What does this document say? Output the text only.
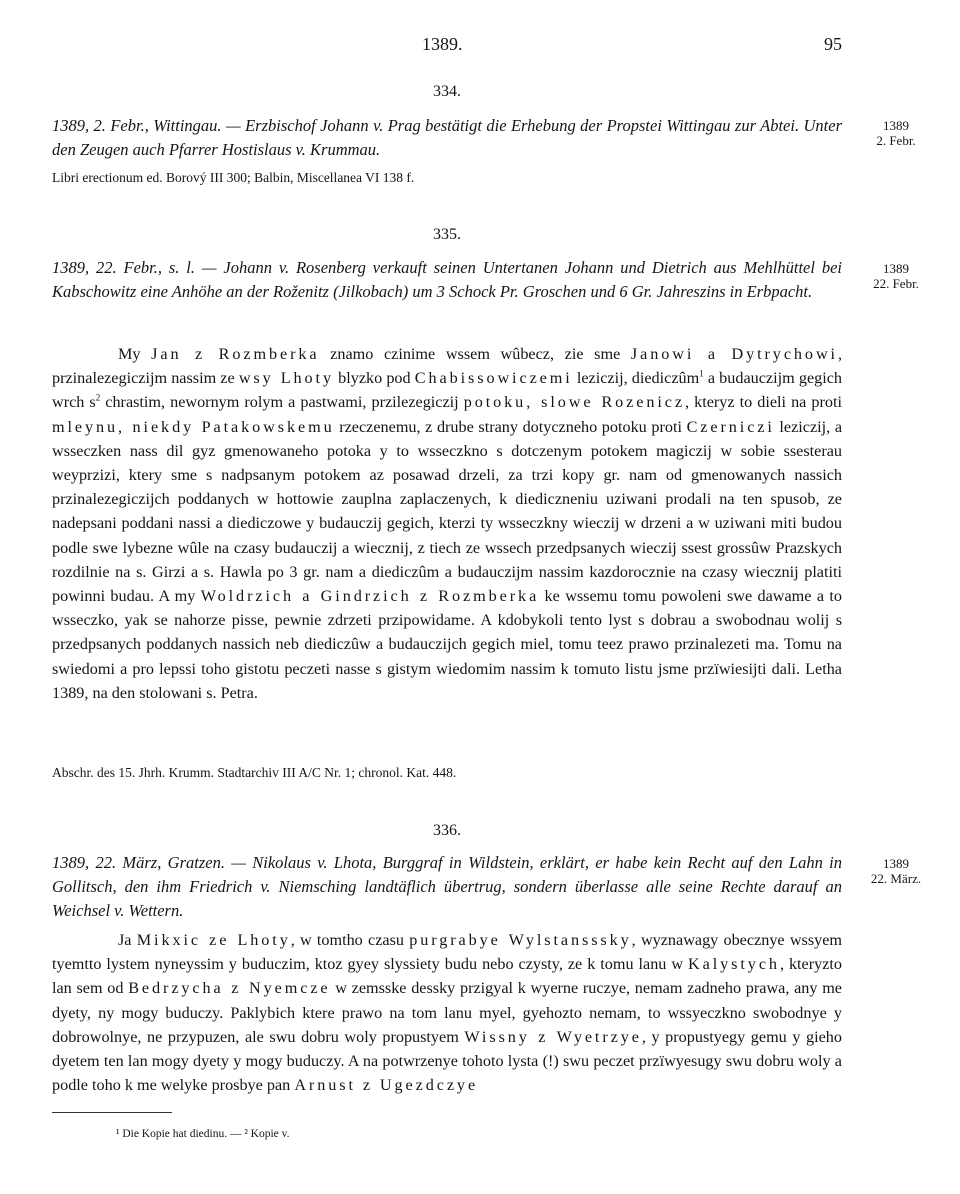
1389.	95
334.
1389, 2. Febr., Wittingau. — Erzbischof Johann v. Prag bestätigt die Erhebung der Propstei Wittingau zur Abtei. Unter den Zeugen auch Pfarrer Hostislaus v. Krummau.
1389
2. Febr.
Libri erectionum ed. Borový III 300; Balbin, Miscellanea VI 138 f.
335.
1389, 22. Febr., s. l. — Johann v. Rosenberg verkauft seinen Untertanen Johann und Dietrich aus Mehlhüttel bei Kabschowitz eine Anhöhe an der Roženitz (Jilkobach) um 3 Schock Pr. Groschen und 6 Gr. Jahreszins in Erbpacht.
1389
22. Febr.

My Jan z Rozmberka znamo czinime wssem wûbecz, zie sme Janowi a Dytrychowi, przinalezegiczijm nassim ze wsy Lhoty blyzko pod Chabissowiczemi leziczij, diediczûm$^1$ a budauczijm gegich wrch $s^2$ chrastim, newornym rolym a pastwami, przilezegiczij potoku, slowe Rozenicz, kteryz to dieli na proti mleynu, niekdy Patakowskemu rzeczenemu, z drube strany dotyczneho potoku proti Czerniczi leziczij, a wsseczken nass dil gyz gmenowaneho potoka y to wsseczkno s dotczenym potokem magiczij w sobie ssesterau weyprzizi, ktery sme s nadpsanym potokem az posawad drzeli, za trzi kopy gr. nam od gmenowanych nassich przinalezegiczijch poddanych w hottowie zauplna zaplaczenych, k diediczneniu uziwani prodali na ten spusob, ze nadepsani poddani nassi a diediczowe y budauczij gegich, kterzi ty wsseczkny wieczij w drzeni a w uziwani miti budou podle swe lybezne wûle na czasy budauczij a wiecznij, z tiech ze wssech przedpsanych wieczij ssest grossûw Prazskych rozdilnie na s. Girzi a s. Hawla po 3 gr. nam a diediczûm a budauczijm nassim kazdorocznie na czasy wiecznij platiti powinni budau. A my Woldrzich a Gindrzich z Rozmberka ke wssemu tomu powoleni swe dawame a to wsseczko, yak se nahorze pisse, pewnie zdrzeti przipowidame. A kdobykoli tento lyst s dobrau a swobodnau wolij s przedpsanych poddanych nassich neb diediczûw a budauczijch gegich miel, tomu teez prawo przinalezeti ma. Tomu na swiedomi a pro lepssi toho gistotu peczeti nasse s gistym wiedomim nassim k tomuto listu jsme przïwiesijti dali. Letha 1389, na den stolowani s. Petra.

Abschr. des 15. Jhrh. Krumm. Stadtarchiv III A/C Nr. 1; chronol. Kat. 448.
336.
1389, 22. März, Gratzen. — Nikolaus v. Lhota, Burggraf in Wildstein, erklärt, er habe kein Recht auf den Lahn in Gollitsch, den ihm Friedrich v. Niemsching landtäflich übertrug, sondern überlasse alle seine Rechte darauf an Weichsel v. Wettern.
1389
22. März.

Ja Mikxic ze Lhoty, w tomtho czasu purgrabye Wylstansssky, wyznawagy obecznye wssyem tyemtto lystem nyneyssim y buduczim, ktoz gyey slyssiety budu nebo czysty, ze k tomu lanu w Kalystych, kteryzto lan sem od Bedrzycha z Nyemcze w zemsske dessky przigyal k wyerne ruczye, nemam zadneho prawa, any me dyety, ny mogy buduczy. Paklybich ktere prawo na tom lanu myel, gyehozto nemam, to wssyeczkno swobodnye y dobrowolnye, ne przypuzen, ale swu dobru woly propustyem Wissny z Wyetrzye, y propustyegy gemu y gieho dyetem ten lan mogy dyety y mogy buduczy. A na potwrzenye tohoto lysta (!) swu peczet przïwyesugy swu dobru woly a podle toho k me welyke prosbye pan Arnust z Ugezdczye

¹ Die Kopie hat diedinu. — ² Kopie v.
